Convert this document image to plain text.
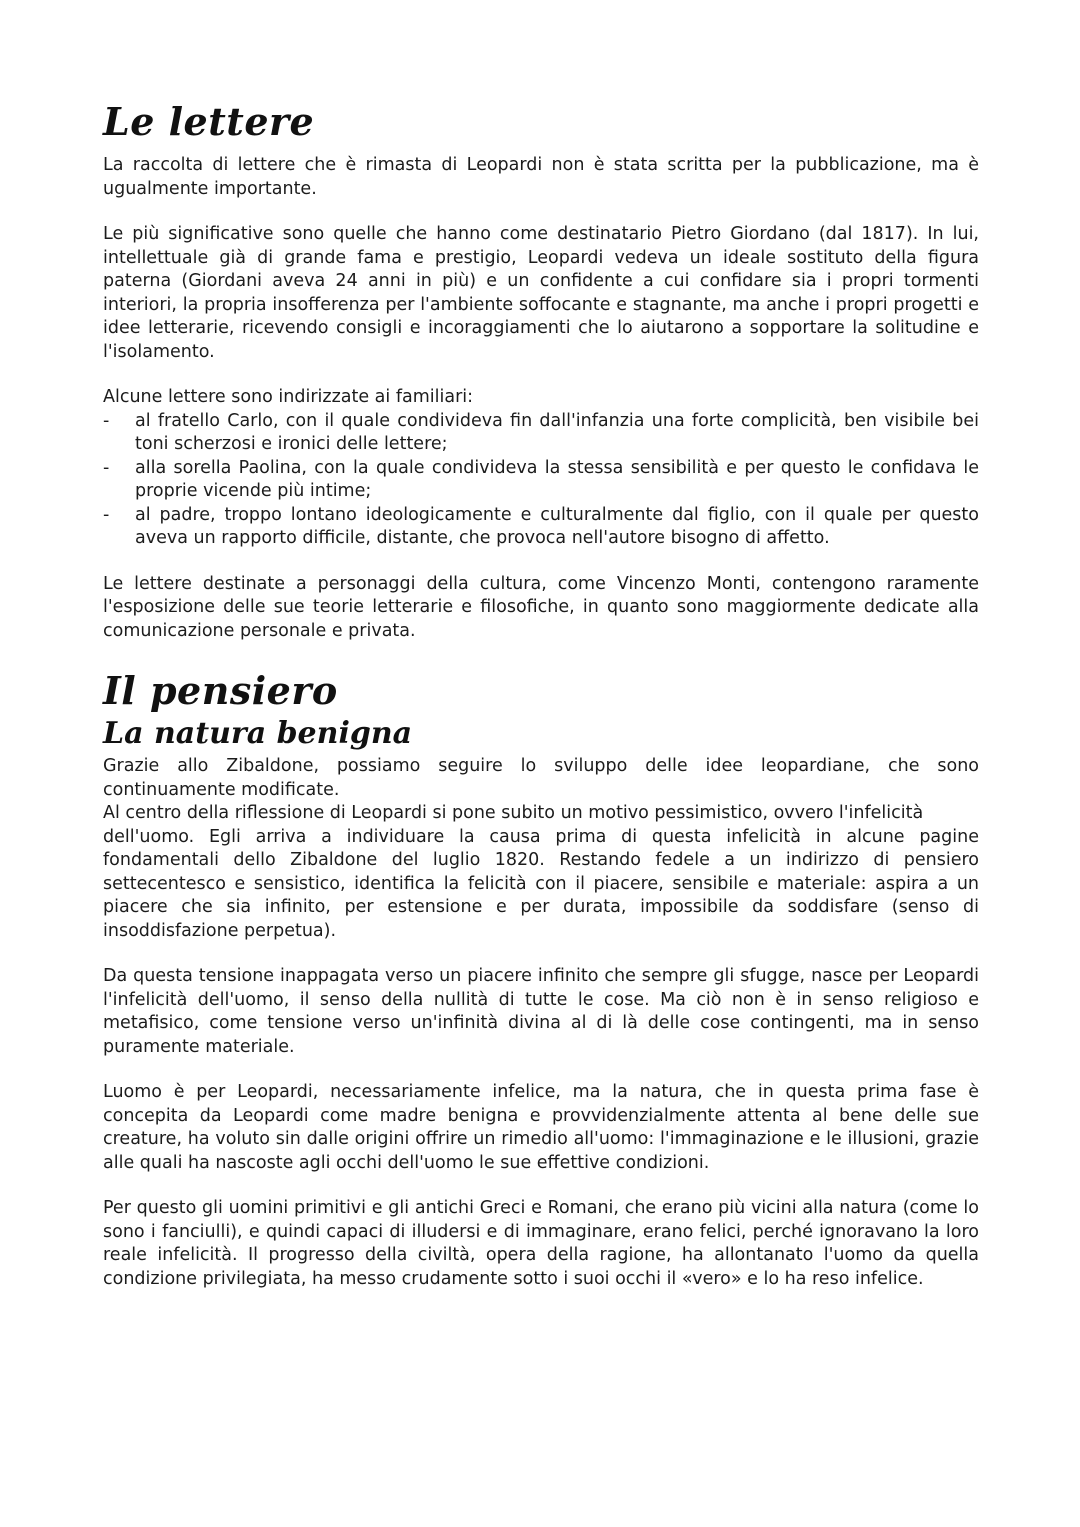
Le lettere

La raccolta di lettere che è rimasta di Leopardi non è stata scritta per la pubblicazione, ma è ugualmente importante.

Le più significative sono quelle che hanno come destinatario Pietro Giordano (dal 1817). In lui, intellettuale già di grande fama e prestigio, Leopardi vedeva un ideale sostituto della figura paterna (Giordani aveva 24 anni in più) e un confidente a cui confidare sia i propri tormenti interiori, la propria insofferenza per l'ambiente soffocante e stagnante, ma anche i propri progetti e idee letterarie, ricevendo consigli e incoraggiamenti che lo aiutarono a sopportare la solitudine e l'isolamento.

Alcune lettere sono indirizzate ai familiari:

-	al fratello Carlo, con il quale condivideva fin dall'infanzia una forte complicità, ben visibile bei toni scherzosi e ironici delle lettere;
-	alla sorella Paolina, con la quale condivideva la stessa sensibilità e per questo le confidava le proprie vicende più intime;
-	al padre, troppo lontano ideologicamente e culturalmente dal figlio, con il quale per questo aveva un rapporto difficile, distante, che provoca nell'autore bisogno di affetto.

Le lettere destinate a personaggi della cultura, come Vincenzo Monti, contengono raramente l'esposizione delle sue teorie letterarie e filosofiche, in quanto sono maggiormente dedicate alla comunicazione personale e privata.

Il pensiero
La natura benigna

Grazie allo Zibaldone, possiamo seguire lo sviluppo delle idee leopardiane, che sono continuamente modificate.

Al centro della riflessione di Leopardi si pone subito un motivo pessimistico, ovvero l'infelicità

dell'uomo. Egli arriva a individuare la causa prima di questa infelicità in alcune pagine fondamentali dello Zibaldone del luglio 1820. Restando fedele a un indirizzo di pensiero settecentesco e sensistico, identifica la felicità con il piacere, sensibile e materiale: aspira a un piacere che sia infinito, per estensione e per durata, impossibile da soddisfare (senso di insoddisfazione perpetua).

Da questa tensione inappagata verso un piacere infinito che sempre gli sfugge, nasce per Leopardi l'infelicità dell'uomo, il senso della nullità di tutte le cose. Ma ciò non è in senso religioso e metafisico, come tensione verso un'infinità divina al di là delle cose contingenti, ma in senso puramente materiale.

Luomo è per Leopardi, necessariamente infelice, ma la natura, che in questa prima fase è concepita da Leopardi come madre benigna e provvidenzialmente attenta al bene delle sue creature, ha voluto sin dalle origini offrire un rimedio all'uomo: l'immaginazione e le illusioni, grazie alle quali ha nascoste agli occhi dell'uomo le sue effettive condizioni.

Per questo gli uomini primitivi e gli antichi Greci e Romani, che erano più vicini alla natura (come lo sono i fanciulli), e quindi capaci di illudersi e di immaginare, erano felici, perché ignoravano la loro reale infelicità. Il progresso della civiltà, opera della ragione, ha allontanato l'uomo da quella condizione privilegiata, ha messo crudamente sotto i suoi occhi il «vero» e lo ha reso infelice.
